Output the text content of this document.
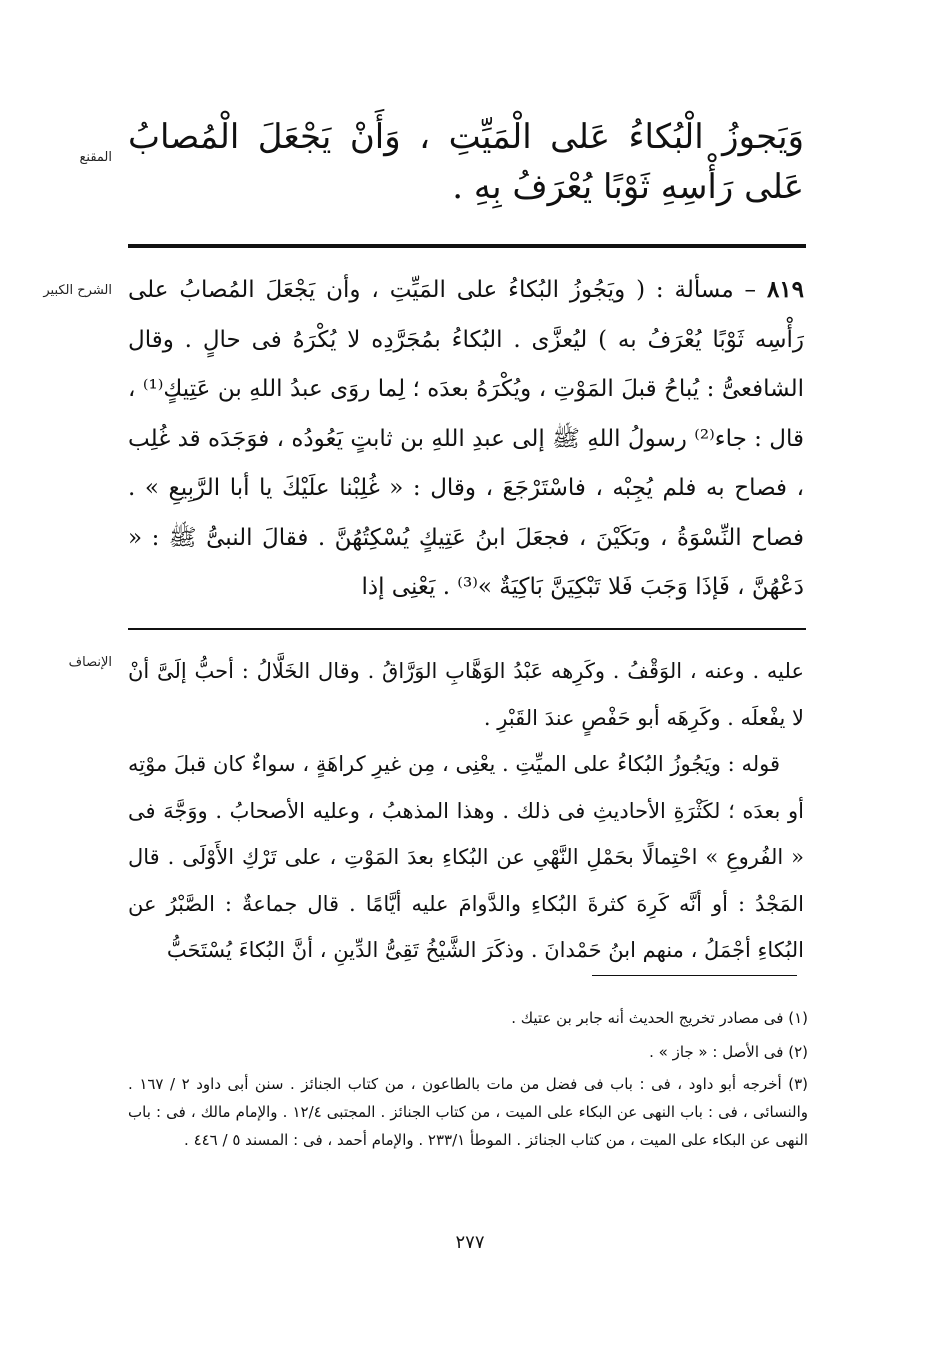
المقنع
الشرح الكبير
الإنصاف
وَيَجوزُ الْبُكاءُ عَلى الْمَيِّتِ ، وَأَنْ يَجْعَلَ الْمُصابُ عَلى رَأْسِهِ ثَوْبًا يُعْرَفُ بِهِ .
٨١٩ – مسألة : ( ويَجُوزُ البُكاءُ على المَيِّتِ ، وأن يَجْعَلَ المُصابُ على رَأْسِه ثَوْبًا يُعْرَفُ به ) ليُعزَّى . البُكاءُ بمُجَرَّدِه لا يُكْرَهُ فى حالٍ . وقال الشافعىُّ : يُباحُ قبلَ المَوْتِ ، ويُكْرَهُ بعدَه ؛ لِما روَى عبدُ اللهِ بن عَتِيكٍ⁽¹⁾ ، قال : جاء⁽²⁾ رسولُ اللهِ ﷺ إلى عبدِ اللهِ بن ثابتٍ يَعُودُه ، فوَجَدَه قد غُلِب ، فصاح به فلم يُجِبْه ، فاسْتَرْجَعَ ، وقال : « غُلِبْنا علَيْكَ يا أبا الرَّبِيعِ » . فصاح النِّسْوَةُ ، وبَكَيْنَ ، فجعَلَ ابنُ عَتِيكٍ يُسْكِتُهُنَّ . فقالَ النبىُّ ﷺ : « دَعْهُنَّ ، فَإذَا وَجَبَ فَلا تَبْكِيَنَّ بَاكِيَةٌ »⁽³⁾ . يَعْنِى إذا

عليه . وعنه ، الوَقْفُ . وكَرِهه عَبْدُ الوَهَّابِ الوَرَّاقُ . وقال الخَلَّالُ : أحبُّ إلَىَّ أنْ لا يفْعلَه . وكَرِهَه أبو حَفْصٍ عندَ القَبْرِ .

قوله : ويَجُوزُ البُكاءُ على الميِّتِ . يعْنِى ، مِن غيرِ كراهَةٍ ، سواءٌ كان قبلَ موْتِه أو بعدَه ؛ لكَثْرَةِ الأحاديثِ فى ذلك . وهذا المذهبُ ، وعليه الأصحابُ . ووَجَّهَ فى « الفُروعِ » احْتِمالًا بحَمْلِ النَّهْىِ عن البُكاءِ بعدَ المَوْتِ ، على تَرْكِ الأَوْلَى . قال المَجْدُ : أو أنَّه كَرِهَ كثرةَ البُكاءِ والدَّوامَ عليه أيَّامًا . قال جماعةٌ : الصَّبْرُ عن البُكاءِ أجْمَلُ ، منهم ابنُ حَمْدانَ . وذكَرَ الشَّيْخُ تَقِىُّ الدِّينِ ، أنَّ البُكاءَ يُسْتَحَبُّ

(١) فى مصادر تخريج الحديث أنه جابر بن عتيك .
(٢) فى الأصل : « جاز » .
(٣) أخرجه أبو داود ، فى : باب فى فضل من مات بالطاعون ، من كتاب الجنائز . سنن أبى داود ٢ / ١٦٧ . والنسائى ، فى : باب النهى عن البكاء على الميت ، من كتاب الجنائز . المجتبى ١٢/٤ . والإمام مالك ، فى : باب النهى عن البكاء على الميت ، من كتاب الجنائز . الموطأ ٢٣٣/١ . والإمام أحمد ، فى : المسند ٥ / ٤٤٦ .
٢٧٧
